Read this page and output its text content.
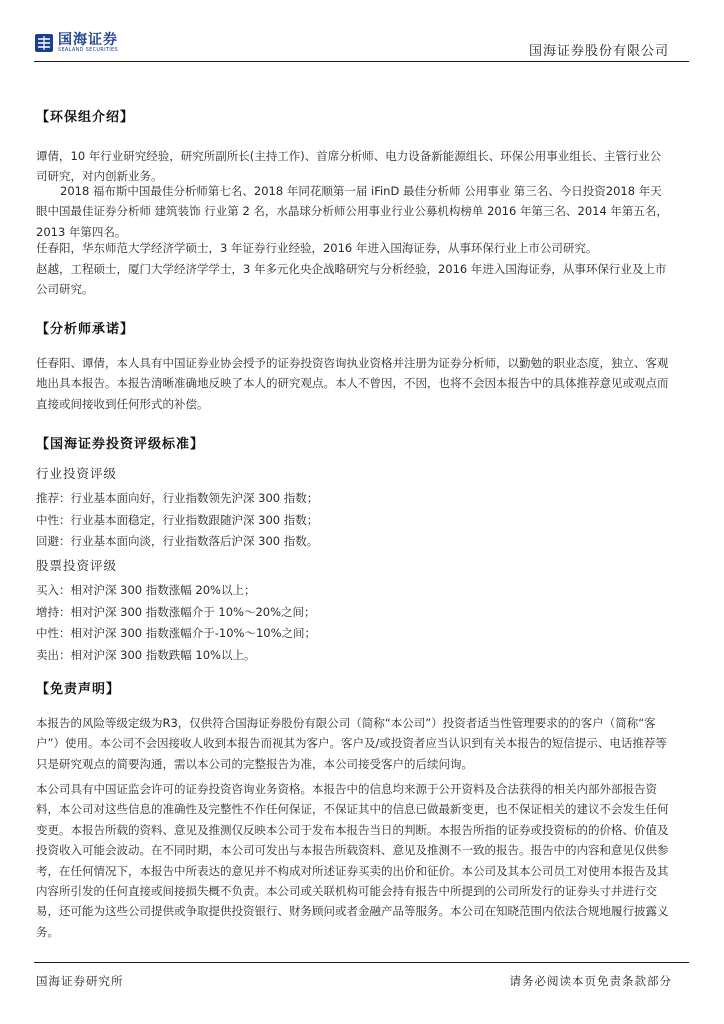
国海证券
SEALAND SECURITIES	国海证券股份有限公司
【环保组介绍】

谭倩，10 年行业研究经验，研究所副所长(主持工作)、首席分析师、电力设备新能源组长、环保公用事业组长、主管行业公司研究，对内创新业务。

2018 福布斯中国最佳分析师第七名、2018 年同花顺第一届 iFinD 最佳分析师 公用事业 第三名、今日投资2018 年天眼中国最佳证券分析师 建筑装饰 行业第 2 名，水晶球分析师公用事业行业公募机构榜单 2016 年第三名、2014 年第五名，2013 年第四名。

任春阳，华东师范大学经济学硕士，3 年证券行业经验，2016 年进入国海证券，从事环保行业上市公司研究。

赵越，工程硕士，厦门大学经济学学士，3 年多元化央企战略研究与分析经验，2016 年进入国海证券，从事环保行业及上市公司研究。

【分析师承诺】

任春阳、谭倩，本人具有中国证券业协会授予的证券投资咨询执业资格并注册为证券分析师，以勤勉的职业态度，独立、客观地出具本报告。本报告清晰准确地反映了本人的研究观点。本人不曾因，不因，也将不会因本报告中的具体推荐意见或观点而直接或间接收到任何形式的补偿。

【国海证券投资评级标准】
行业投资评级
推荐：行业基本面向好，行业指数领先沪深 300 指数；
中性：行业基本面稳定，行业指数跟随沪深 300 指数；
回避：行业基本面向淡，行业指数落后沪深 300 指数。
股票投资评级
买入：相对沪深 300 指数涨幅 20%以上；
增持：相对沪深 300 指数涨幅介于 10%～20%之间；
中性：相对沪深 300 指数涨幅介于-10%～10%之间；
卖出：相对沪深 300 指数跌幅 10%以上。
【免责声明】

本报告的风险等级定级为R3，仅供符合国海证券股份有限公司（简称“本公司”）投资者适当性管理要求的的客户（简称“客户”）使用。本公司不会因接收人收到本报告而视其为客户。客户及/或投资者应当认识到有关本报告的短信提示、电话推荐等只是研究观点的简要沟通，需以本公司的完整报告为准，本公司接受客户的后续问询。

本公司具有中国证监会许可的证券投资咨询业务资格。本报告中的信息均来源于公开资料及合法获得的相关内部外部报告资料，本公司对这些信息的准确性及完整性不作任何保证，不保证其中的信息已做最新变更，也不保证相关的建议不会发生任何变更。本报告所载的资料、意见及推测仅反映本公司于发布本报告当日的判断。本报告所指的证券或投资标的的价格、价值及投资收入可能会波动。在不同时期，本公司可发出与本报告所载资料、意见及推测不一致的报告。报告中的内容和意见仅供参考，在任何情况下，本报告中所表达的意见并不构成对所述证券买卖的出价和征价。本公司及其本公司员工对使用本报告及其内容所引发的任何直接或间接损失概不负责。本公司或关联机构可能会持有报告中所提到的公司所发行的证券头寸并进行交易，还可能为这些公司提供或争取提供投资银行、财务顾问或者金融产品等服务。本公司在知晓范围内依法合规地履行披露义务。

国海证券研究所	请务必阅读本页免责条款部分
